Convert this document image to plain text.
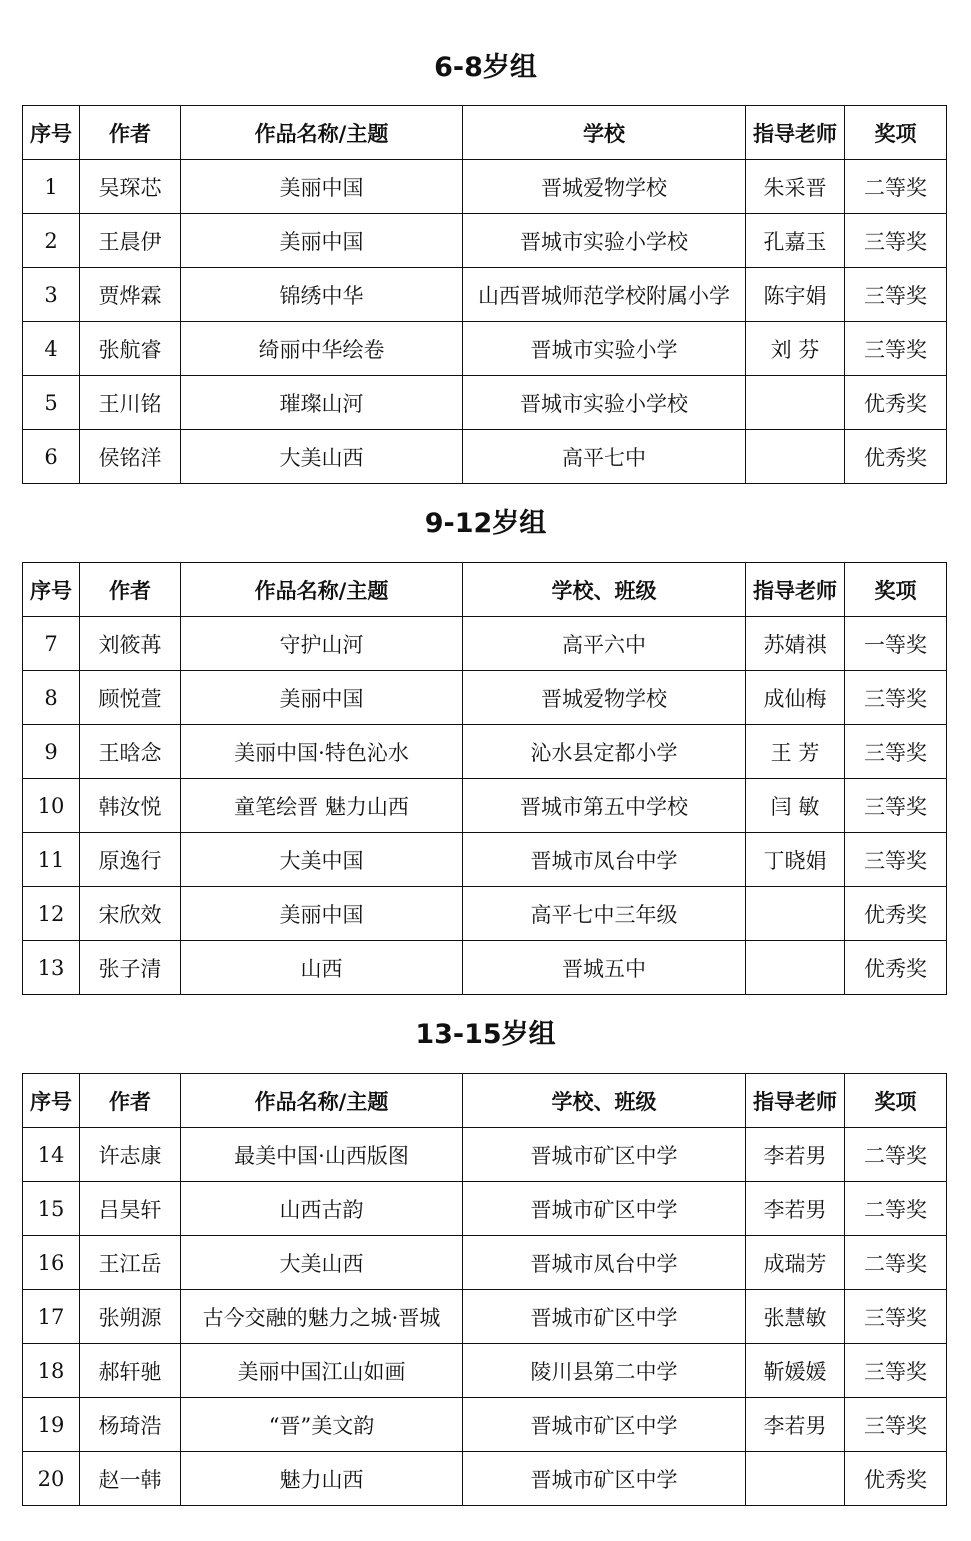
6-8岁组
序号	作者	作品名称/主题	学校	指导老师	奖项
1	吴琛芯	美丽中国	晋城爱物学校	朱采晋	二等奖
2	王晨伊	美丽中国	晋城市实验小学校	孔嘉玉	三等奖
3	贾烨霖	锦绣中华	山西晋城师范学校附属小学	陈宇娟	三等奖
4	张航睿	绮丽中华绘卷	晋城市实验小学	刘 芬	三等奖
5	王川铭	璀璨山河	晋城市实验小学校		优秀奖
6	侯铭洋	大美山西	高平七中		优秀奖
9-12岁组
序号	作者	作品名称/主题	学校、班级	指导老师	奖项
7	刘筱苒	守护山河	高平六中	苏婧祺	一等奖
8	顾悦萱	美丽中国	晋城爱物学校	成仙梅	三等奖
9	王晗念	美丽中国·特色沁水	沁水县定都小学	王 芳	三等奖
10	韩汝悦	童笔绘晋 魅力山西	晋城市第五中学校	闫 敏	三等奖
11	原逸行	大美中国	晋城市凤台中学	丁晓娟	三等奖
12	宋欣效	美丽中国	高平七中三年级		优秀奖
13	张子清	山西	晋城五中		优秀奖
13-15岁组
序号	作者	作品名称/主题	学校、班级	指导老师	奖项
14	许志康	最美中国·山西版图	晋城市矿区中学	李若男	二等奖
15	吕昊轩	山西古韵	晋城市矿区中学	李若男	二等奖
16	王江岳	大美山西	晋城市凤台中学	成瑞芳	二等奖
17	张朔源	古今交融的魅力之城·晋城	晋城市矿区中学	张慧敏	三等奖
18	郝轩驰	美丽中国江山如画	陵川县第二中学	靳媛媛	三等奖
19	杨琦浩	“晋”美文韵	晋城市矿区中学	李若男	三等奖
20	赵一韩	魅力山西	晋城市矿区中学		优秀奖
